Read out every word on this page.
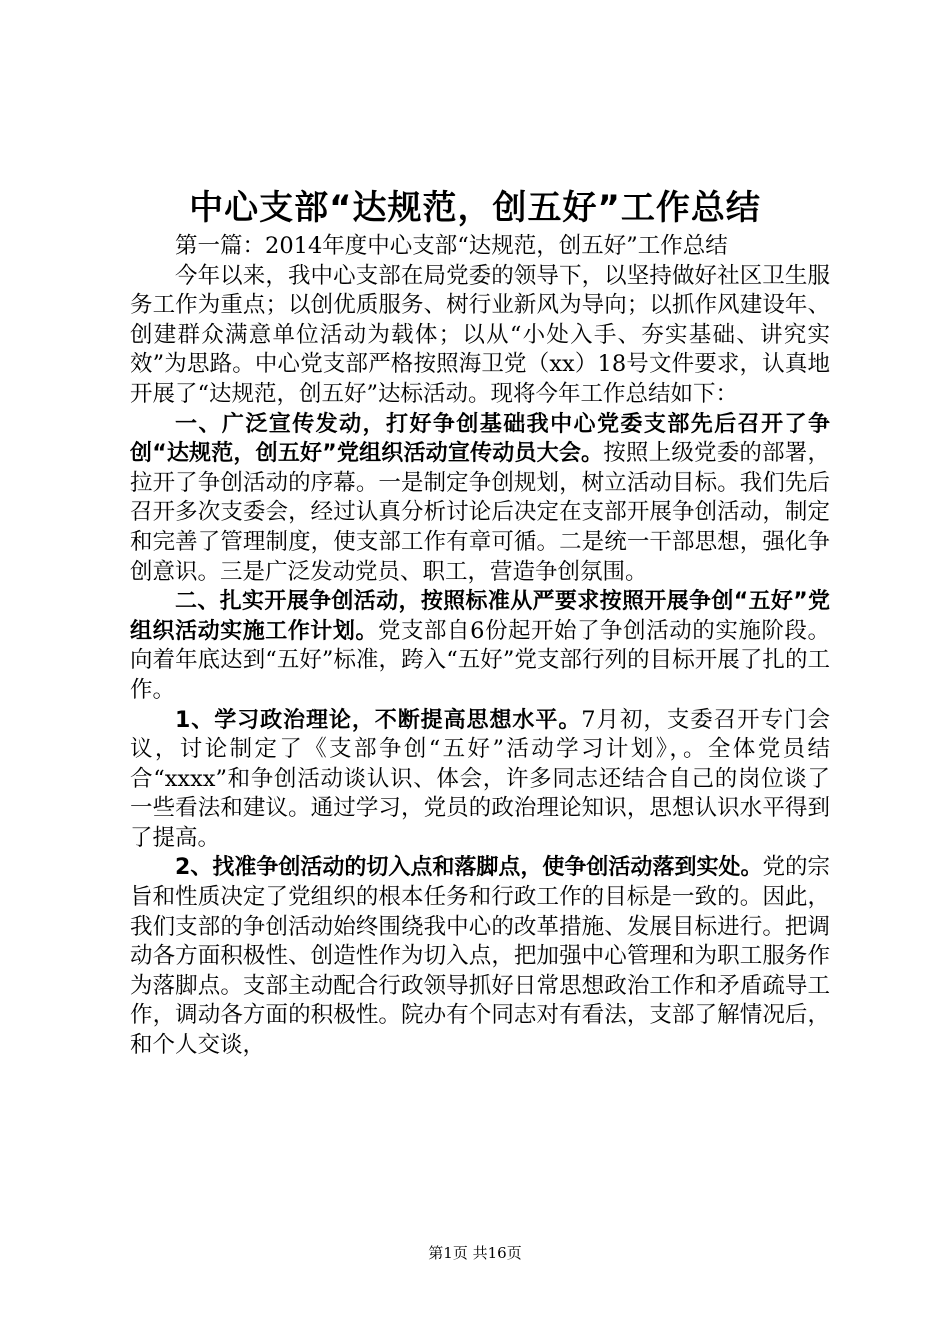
中心支部“达规范，创五好”工作总结

第一篇：2014年度中心支部“达规范，创五好”工作总结

今年以来，我中心支部在局党委的领导下，以坚持做好社区卫生服务工作为重点；以创优质服务、树行业新风为导向；以抓作风建设年、创建群众满意单位活动为载体；以从“小处入手、夯实基础、讲究实效”为思路。中心党支部严格按照海卫党（xx）18号文件要求，认真地开展了“达规范，创五好”达标活动。现将今年工作总结如下：

一、广泛宣传发动，打好争创基础我中心党委支部先后召开了争创“达规范，创五好”党组织活动宣传动员大会。按照上级党委的部署，拉开了争创活动的序幕。一是制定争创规划，树立活动目标。我们先后召开多次支委会，经过认真分析讨论后决定在支部开展争创活动，制定和完善了管理制度，使支部工作有章可循。二是统一干部思想，强化争创意识。三是广泛发动党员、职工，营造争创氛围。

二、扎实开展争创活动，按照标准从严要求按照开展争创“五好”党组织活动实施工作计划。党支部自6份起开始了争创活动的实施阶段。向着年底达到“五好”标准，跨入“五好”党支部行列的目标开展了扎的工作。

1、学习政治理论，不断提高思想水平。7月初，支委召开专门会议，讨论制定了《支部争创“五好”活动学习计划》，。全体党员结合“xxxx”和争创活动谈认识、体会，许多同志还结合自己的岗位谈了一些看法和建议。通过学习，党员的政治理论知识，思想认识水平得到了提高。

2、找准争创活动的切入点和落脚点，使争创活动落到实处。党的宗旨和性质决定了党组织的根本任务和行政工作的目标是一致的。因此，我们支部的争创活动始终围绕我中心的改革措施、发展目标进行。把调动各方面积极性、创造性作为切入点，把加强中心管理和为职工服务作为落脚点。支部主动配合行政领导抓好日常思想政治工作和矛盾疏导工作，调动各方面的积极性。院办有个同志对有看法，支部了解情况后，和个人交谈，

第1页 共16页
